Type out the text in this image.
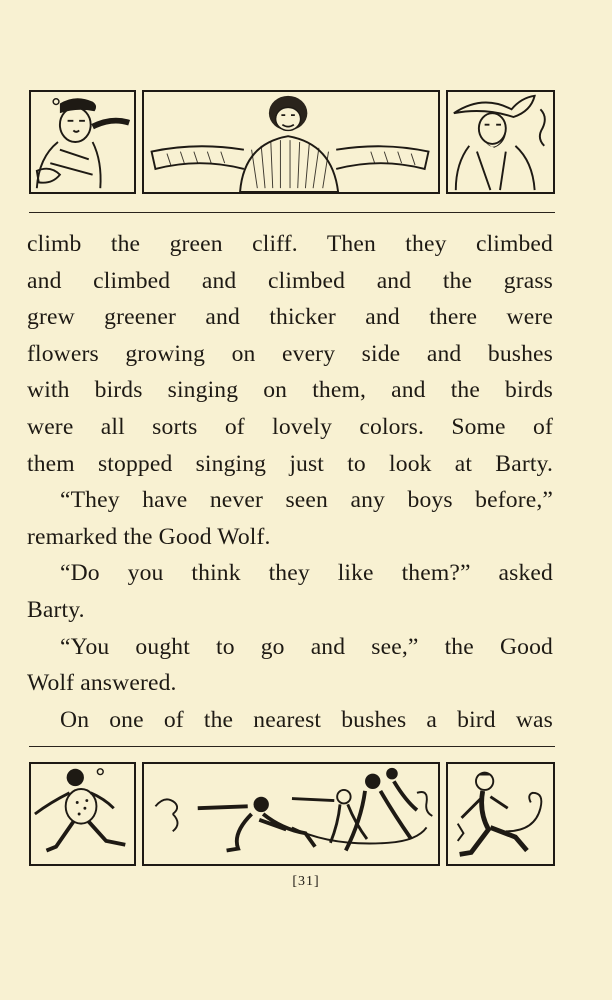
climb the green cliff. Then they climbed
and climbed and climbed and the grass
grew greener and thicker and there were
flowers growing on every side and bushes
with birds singing on them, and the birds
were all sorts of lovely colors. Some of
them stopped singing just to look at Barty.
“They have never seen any boys before,”
remarked the Good Wolf.
“Do you think they like them?” asked
Barty.
“You ought to go and see,” the Good
Wolf answered.
On one of the nearest bushes a bird was
[31]
